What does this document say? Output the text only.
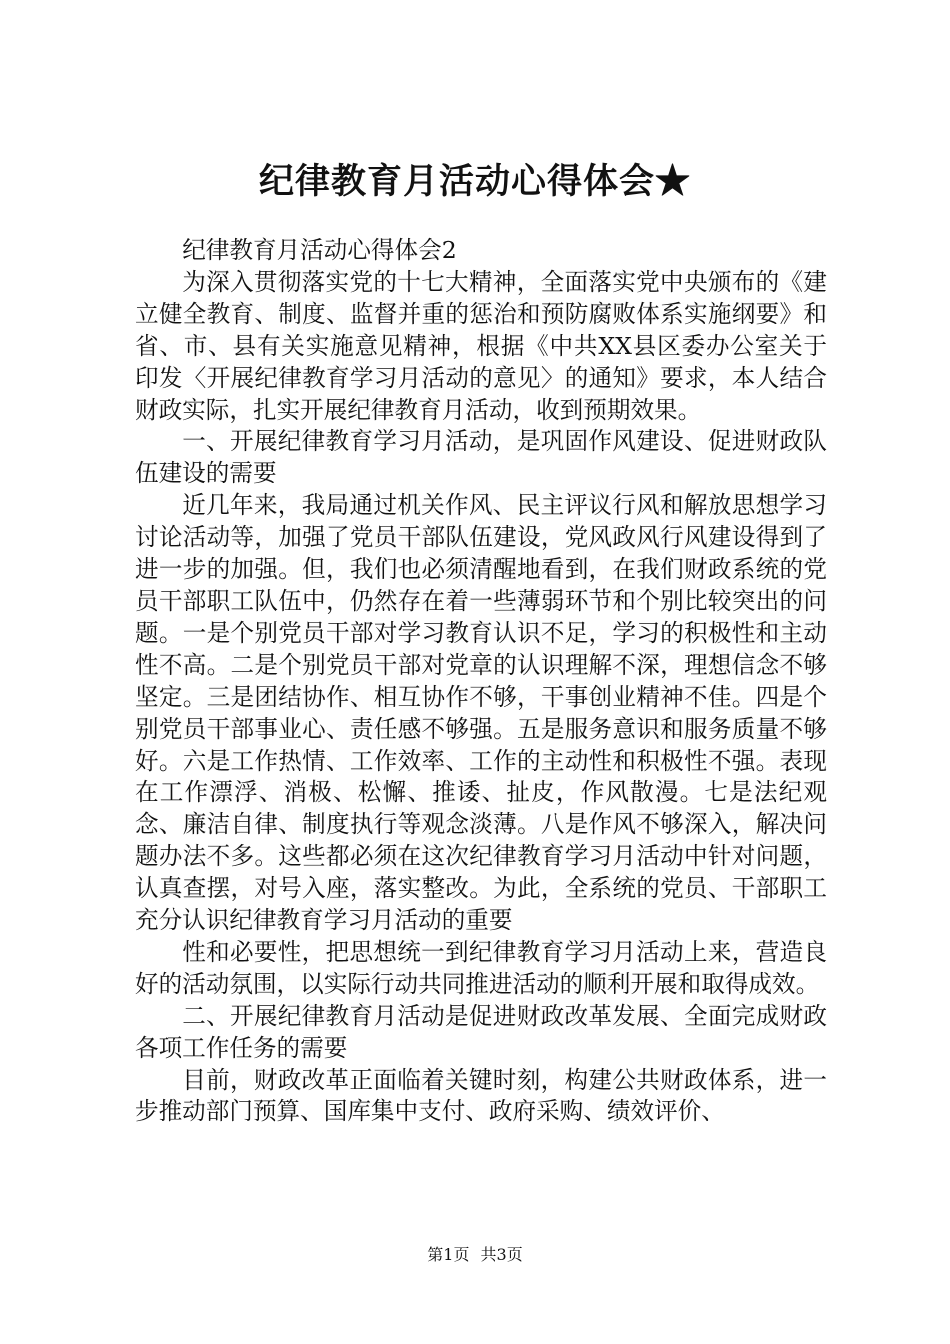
纪律教育月活动心得体会★

纪律教育月活动心得体会2

为深入贯彻落实党的十七大精神，全面落实党中央颁布的《建立健全教育、制度、监督并重的惩治和预防腐败体系实施纲要》和省、市、县有关实施意见精神，根据《中共XX县区委办公室关于印发〈开展纪律教育学习月活动的意见〉的通知》要求，本人结合财政实际，扎实开展纪律教育月活动，收到预期效果。

一、开展纪律教育学习月活动，是巩固作风建设、促进财政队伍建设的需要

近几年来，我局通过机关作风、民主评议行风和解放思想学习讨论活动等，加强了党员干部队伍建设，党风政风行风建设得到了进一步的加强。但，我们也必须清醒地看到，在我们财政系统的党员干部职工队伍中，仍然存在着一些薄弱环节和个别比较突出的问题。一是个别党员干部对学习教育认识不足，学习的积极性和主动性不高。二是个别党员干部对党章的认识理解不深，理想信念不够坚定。三是团结协作、相互协作不够，干事创业精神不佳。四是个别党员干部事业心、责任感不够强。五是服务意识和服务质量不够好。六是工作热情、工作效率、工作的主动性和积极性不强。表现在工作漂浮、消极、松懈、推诿、扯皮，作风散漫。七是法纪观念、廉洁自律、制度执行等观念淡薄。八是作风不够深入，解决问题办法不多。这些都必须在这次纪律教育学习月活动中针对问题，认真查摆，对号入座，落实整改。为此，全系统的党员、干部职工充分认识纪律教育学习月活动的重要

性和必要性，把思想统一到纪律教育学习月活动上来，营造良好的活动氛围，以实际行动共同推进活动的顺利开展和取得成效。

二、开展纪律教育月活动是促进财政改革发展、全面完成财政各项工作任务的需要

目前，财政改革正面临着关键时刻，构建公共财政体系，进一步推动部门预算、国库集中支付、政府采购、绩效评价、

第1页 共3页
